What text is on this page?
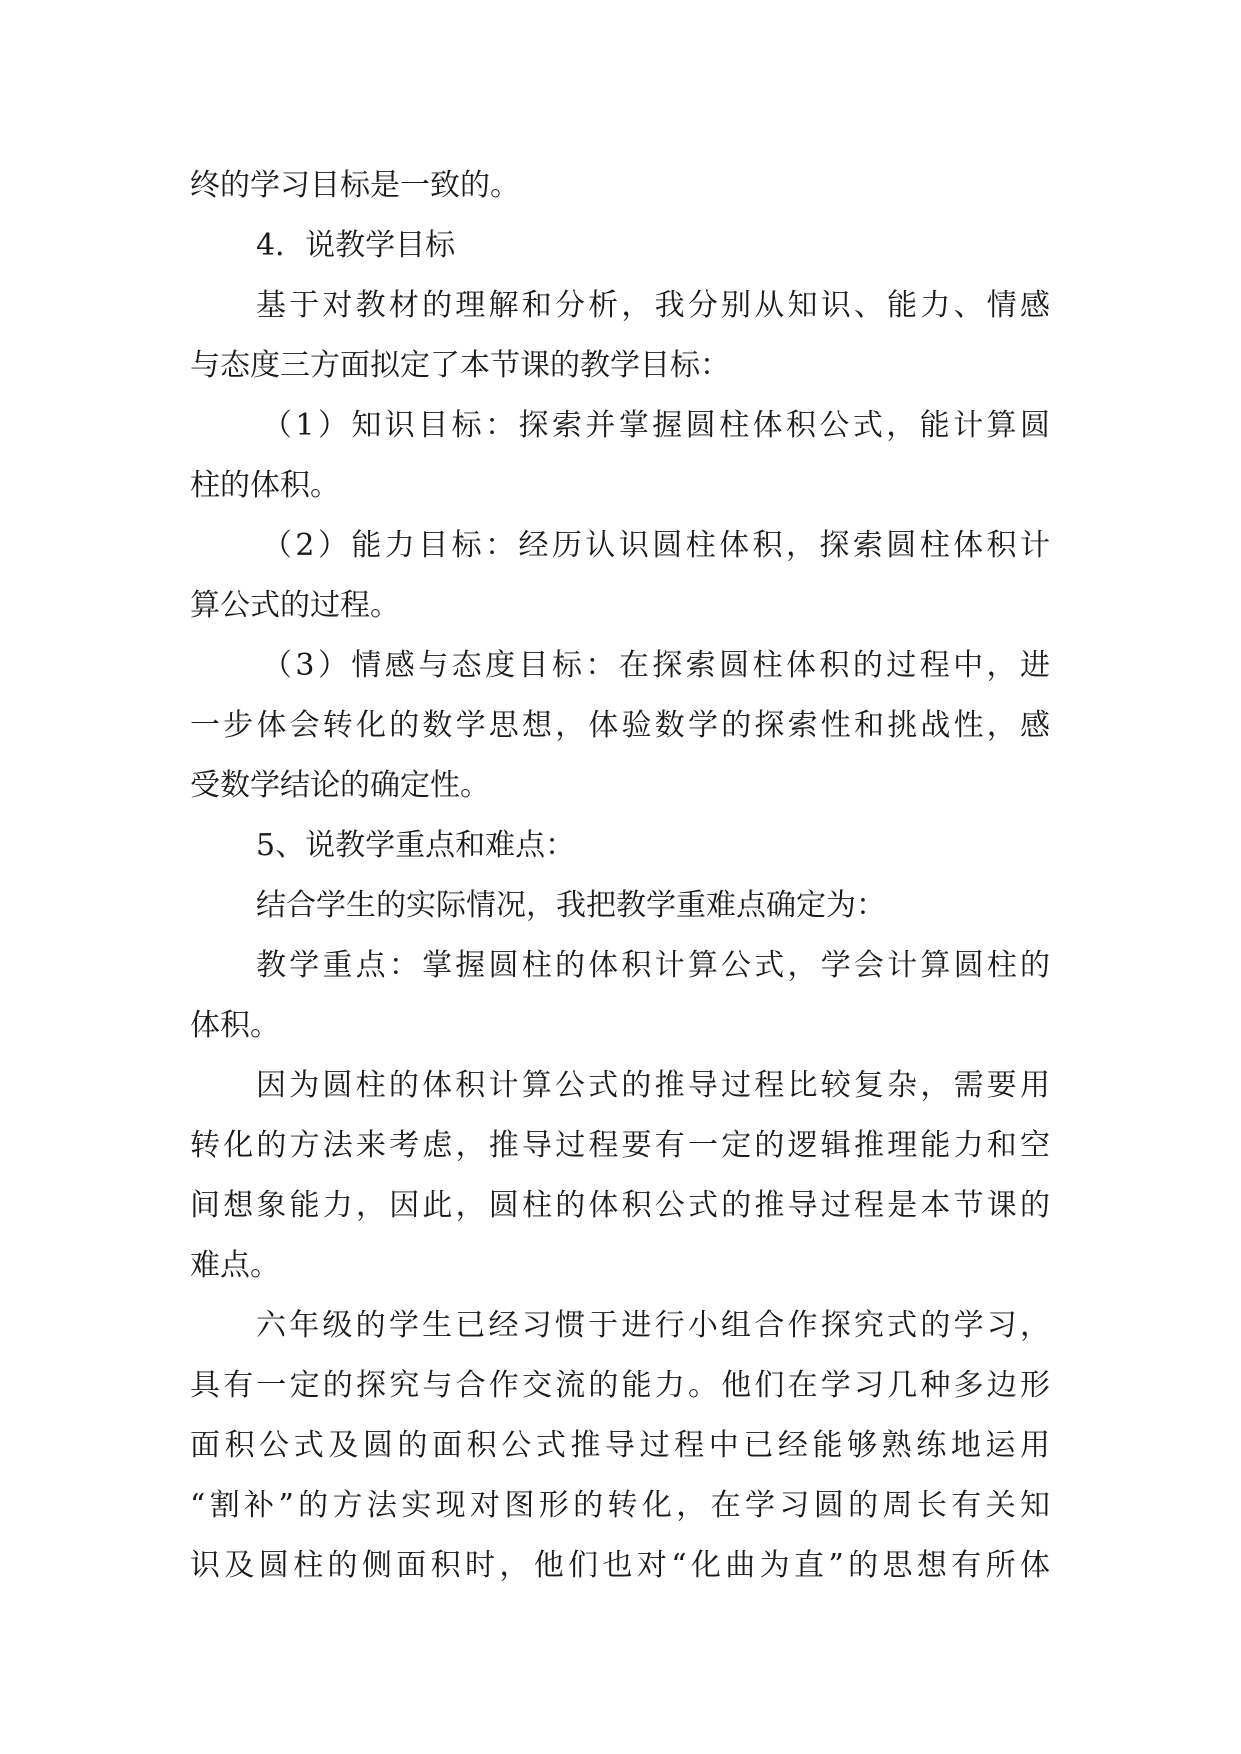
终的学习目标是一致的。
4．说教学目标
基于对教材的理解和分析，我分别从知识、能力、情感
与态度三方面拟定了本节课的教学目标：
（1）知识目标：探索并掌握圆柱体积公式，能计算圆
柱的体积。
（2）能力目标：经历认识圆柱体积，探索圆柱体积计
算公式的过程。
（3）情感与态度目标：在探索圆柱体积的过程中，进
一步体会转化的数学思想，体验数学的探索性和挑战性，感
受数学结论的确定性。
5、说教学重点和难点：
结合学生的实际情况，我把教学重难点确定为：
教学重点：掌握圆柱的体积计算公式，学会计算圆柱的
体积。
因为圆柱的体积计算公式的推导过程比较复杂，需要用
转化的方法来考虑，推导过程要有一定的逻辑推理能力和空
间想象能力，因此，圆柱的体积公式的推导过程是本节课的
难点。
六年级的学生已经习惯于进行小组合作探究式的学习，
具有一定的探究与合作交流的能力。他们在学习几种多边形
面积公式及圆的面积公式推导过程中已经能够熟练地运用
“割补”的方法实现对图形的转化，在学习圆的周长有关知
识及圆柱的侧面积时，他们也对“化曲为直”的思想有所体
